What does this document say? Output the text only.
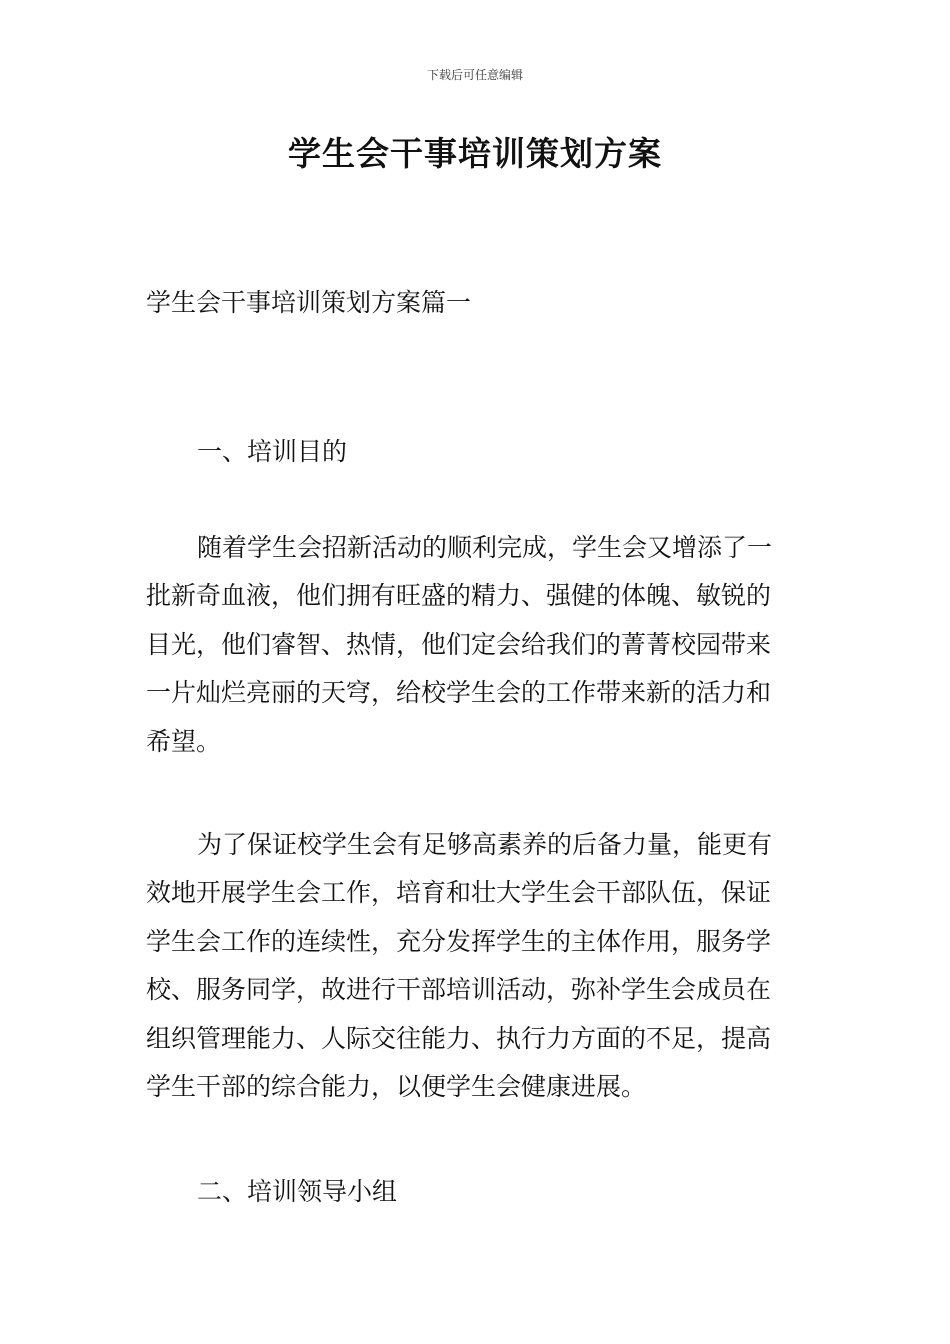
下载后可任意编辑
学生会干事培训策划方案

学生会干事培训策划方案篇一

一、培训目的

随着学生会招新活动的顺利完成，学生会又增添了一
批新奇血液，他们拥有旺盛的精力、强健的体魄、敏锐的
目光，他们睿智、热情，他们定会给我们的菁菁校园带来
一片灿烂亮丽的天穹，给校学生会的工作带来新的活力和
希望。

为了保证校学生会有足够高素养的后备力量，能更有
效地开展学生会工作，培育和壮大学生会干部队伍，保证
学生会工作的连续性，充分发挥学生的主体作用，服务学
校、服务同学，故进行干部培训活动，弥补学生会成员在
组织管理能力、人际交往能力、执行力方面的不足，提高
学生干部的综合能力，以便学生会健康进展。

二、培训领导小组
